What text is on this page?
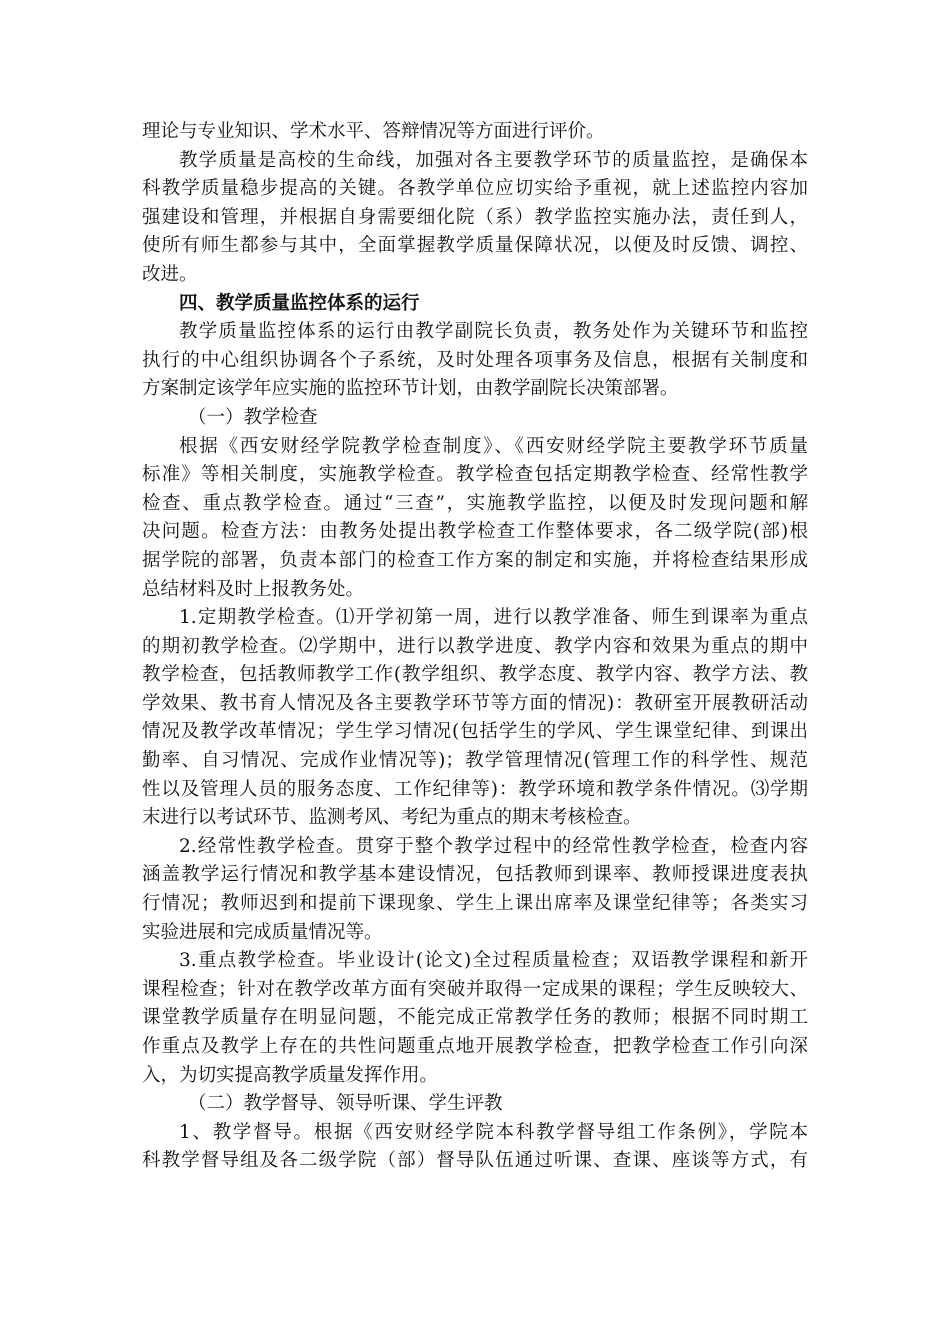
理论与专业知识、学术水平、答辩情况等方面进行评价。
教学质量是高校的生命线，加强对各主要教学环节的质量监控，是确保本
科教学质量稳步提高的关键。各教学单位应切实给予重视，就上述监控内容加
强建设和管理，并根据自身需要细化院（系）教学监控实施办法，责任到人，
使所有师生都参与其中，全面掌握教学质量保障状况，以便及时反馈、调控、
改进。
四、教学质量监控体系的运行
教学质量监控体系的运行由教学副院长负责，教务处作为关键环节和监控
执行的中心组织协调各个子系统，及时处理各项事务及信息，根据有关制度和
方案制定该学年应实施的监控环节计划，由教学副院长决策部署。
（一）教学检查
根据《西安财经学院教学检查制度》、《西安财经学院主要教学环节质量
标准》等相关制度，实施教学检查。教学检查包括定期教学检查、经常性教学
检查、重点教学检查。通过“三查”，实施教学监控，以便及时发现问题和解
决问题。检查方法：由教务处提出教学检查工作整体要求，各二级学院(部)根
据学院的部署，负责本部门的检查工作方案的制定和实施，并将检查结果形成
总结材料及时上报教务处。
1.定期教学检查。⑴开学初第一周，进行以教学准备、师生到课率为重点
的期初教学检查。⑵学期中，进行以教学进度、教学内容和效果为重点的期中
教学检查，包括教师教学工作(教学组织、教学态度、教学内容、教学方法、教
学效果、教书育人情况及各主要教学环节等方面的情况)：教研室开展教研活动
情况及教学改革情况；学生学习情况(包括学生的学风、学生课堂纪律、到课出
勤率、自习情况、完成作业情况等)；教学管理情况(管理工作的科学性、规范
性以及管理人员的服务态度、工作纪律等)：教学环境和教学条件情况。⑶学期
末进行以考试环节、监测考风、考纪为重点的期末考核检查。
2.经常性教学检查。贯穿于整个教学过程中的经常性教学检查，检查内容
涵盖教学运行情况和教学基本建设情况，包括教师到课率、教师授课进度表执
行情况；教师迟到和提前下课现象、学生上课出席率及课堂纪律等；各类实习
实验进展和完成质量情况等。
3.重点教学检查。毕业设计(论文)全过程质量检查；双语教学课程和新开
课程检查；针对在教学改革方面有突破并取得一定成果的课程；学生反映较大、
课堂教学质量存在明显问题，不能完成正常教学任务的教师；根据不同时期工
作重点及教学上存在的共性问题重点地开展教学检查，把教学检查工作引向深
入，为切实提高教学质量发挥作用。
（二）教学督导、领导听课、学生评教
1、教学督导。根据《西安财经学院本科教学督导组工作条例》，学院本
科教学督导组及各二级学院（部）督导队伍通过听课、查课、座谈等方式，有
